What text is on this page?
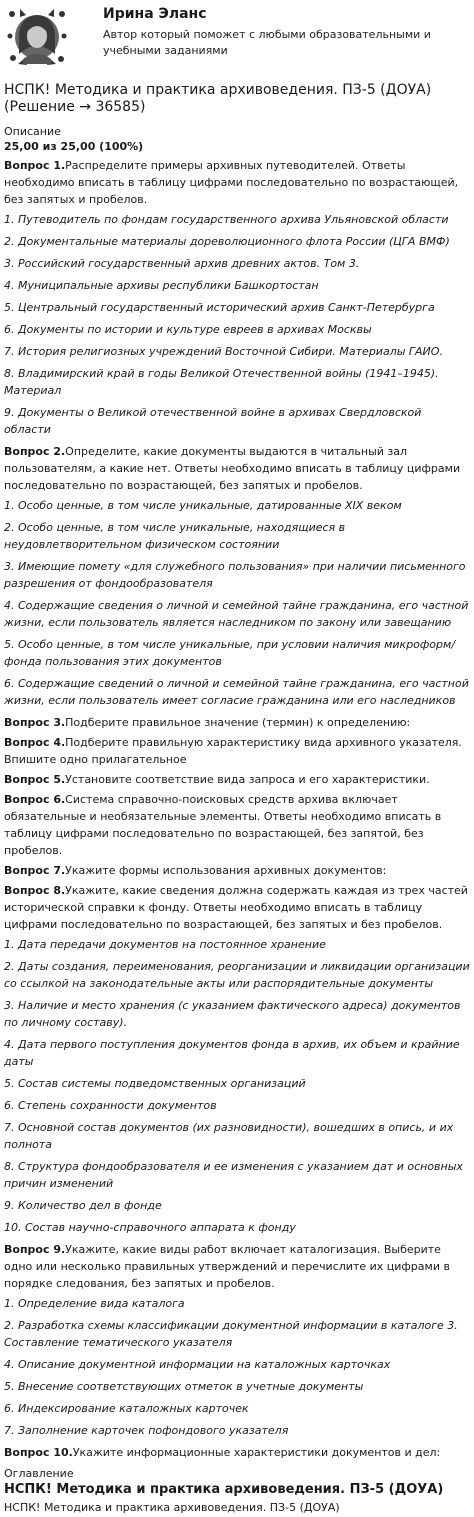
Ирина Эланс
Автор который поможет с любыми образовательными и учебными заданиями
НСПК! Методика и практика архивоведения. ПЗ-5 (ДОУА) (Решение → 36585)
Описание
25,00 из 25,00 (100%)
Вопрос 1.Распределите примеры архивных путеводителей. Ответы необходимо вписать в таблицу цифрами последовательно по возрастающей, без запятых и пробелов.
1. Путеводитель по фондам государственного архива Ульяновской области
2. Документальные материалы дореволюционного флота России (ЦГА ВМФ)
3. Российский государственный архив древних актов. Том 3.
4. Муниципальные архивы республики Башкортостан
5. Центральный государственный исторический архив Санкт-Петербурга
6. Документы по истории и культуре евреев в архивах Москвы
7. История религиозных учреждений Восточной Сибири. Материалы ГАИО.
8. Владимирский край в годы Великой Отечественной войны (1941–1945). Материал
9. Документы о Великой отечественной войне в архивах Свердловской области
Вопрос 2.Определите, какие документы выдаются в читальный зал пользователям, а какие нет. Ответы необходимо вписать в таблицу цифрами последовательно по возрастающей, без запятых и пробелов.
1. Особо ценные, в том числе уникальные, датированные XIX веком
2. Особо ценные, в том числе уникальные, находящиеся в неудовлетворительном физическом состоянии
3. Имеющие помету «для служебного пользования» при наличии письменного разрешения от фондообразователя
4. Содержащие сведения о личной и семейной тайне гражданина, его частной жизни, если пользователь является наследником по закону или завещанию
5. Особо ценные, в том числе уникальные, при условии наличия микроформ/фонда пользования этих документов
6. Содержащие сведений о личной и семейной тайне гражданина, его частной жизни, если пользователь имеет согласие гражданина или его наследников
Вопрос 3.Подберите правильное значение (термин) к определению:
Вопрос 4.Подберите правильную характеристику вида архивного указателя. Впишите одно прилагательное
Вопрос 5.Установите соответствие вида запроса и его характеристики.
Вопрос 6.Система справочно-поисковых средств архива включает обязательные и необязательные элементы. Ответы необходимо вписать в таблицу цифрами последовательно по возрастающей, без запятой, без пробелов.
Вопрос 7.Укажите формы использования архивных документов:
Вопрос 8.Укажите, какие сведения должна содержать каждая из трех частей исторической справки к фонду. Ответы необходимо вписать в таблицу цифрами последовательно по возрастающей, без запятых и без пробелов.
1. Дата передачи документов на постоянное хранение
2. Даты создания, переименования, реорганизации и ликвидации организации со ссылкой на законодательные акты или распорядительные документы
3. Наличие и место хранения (с указанием фактического адреса) документов по личному составу).
4. Дата первого поступления документов фонда в архив, их объем и крайние даты
5. Состав системы подведомственных организаций
6. Степень сохранности документов
7. Основной состав документов (их разновидности), вошедших в опись, и их полнота
8. Структура фондообразователя и ее изменения с указанием дат и основных причин изменений
9. Количество дел в фонде
10. Состав научно-справочного аппарата к фонду
Вопрос 9.Укажите, какие виды работ включает каталогизация. Выберите одно или несколько правильных утверждений и перечислите их цифрами в порядке следования, без запятых и пробелов.
1. Определение вида каталога
2. Разработка схемы классификации документной информации в каталоге 3. Составление тематического указателя
4. Описание документной информации на каталожных карточках
5. Внесение соответствующих отметок в учетные документы
6. Индексирование каталожных карточек
7. Заполнение карточек пофондового указателя
Вопрос 10.Укажите информационные характеристики документов и дел:
Оглавление
НСПК! Методика и практика архивоведения. ПЗ-5 (ДОУА)
НСПК! Методика и практика архивоведения. ПЗ-5 (ДОУА)
